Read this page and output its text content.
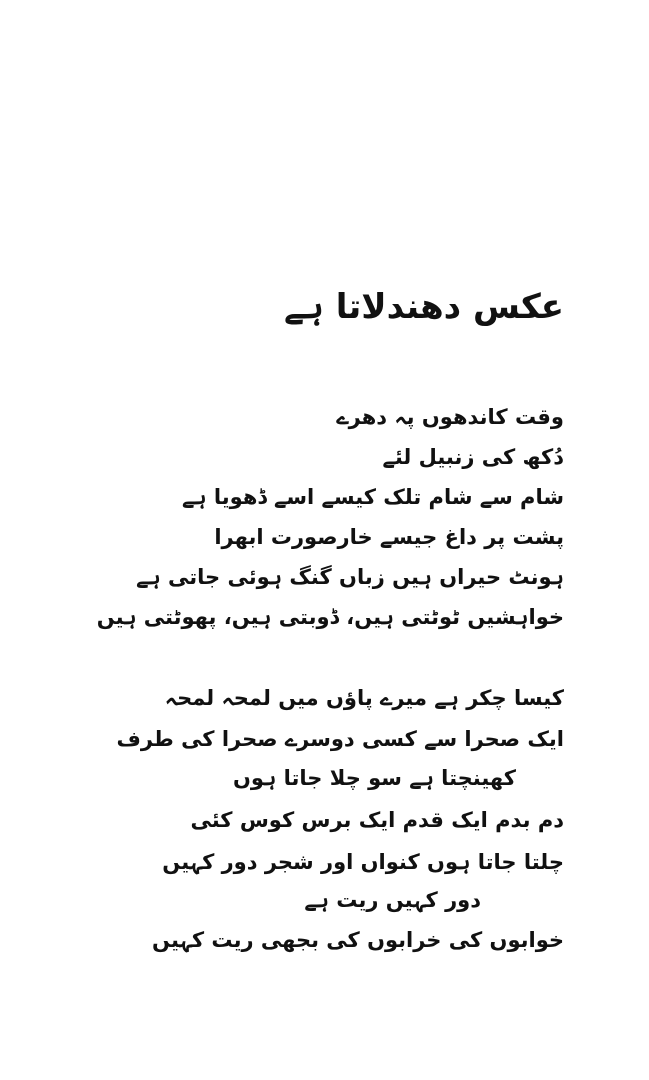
عکس دھندلاتا ہے
وقت کاندھوں پہ دھرے
دُکھ کی زنبیل لئے
شام سے شام تلک کیسے اسے ڈھویا ہے
پشت پر داغ جیسے خارصورت ابھرا
ہونٹ حیراں ہیں زباں گنگ ہوئی جاتی ہے
خواہشیں ٹوٹتی ہیں، ڈوبتی ہیں، پھوٹتی ہیں
کیسا چکر ہے میرے پاؤں میں لمحہ لمحہ
ایک صحرا سے کسی دوسرے صحرا کی طرف
کھینچتا ہے سو چلا جاتا ہوں
دم بدم ایک قدم ایک برس کوس کئی
چلتا جاتا ہوں کنواں اور شجر دور کہیں
دور کہیں ریت ہے
خوابوں کی خرابوں کی بجھی ریت کہیں
